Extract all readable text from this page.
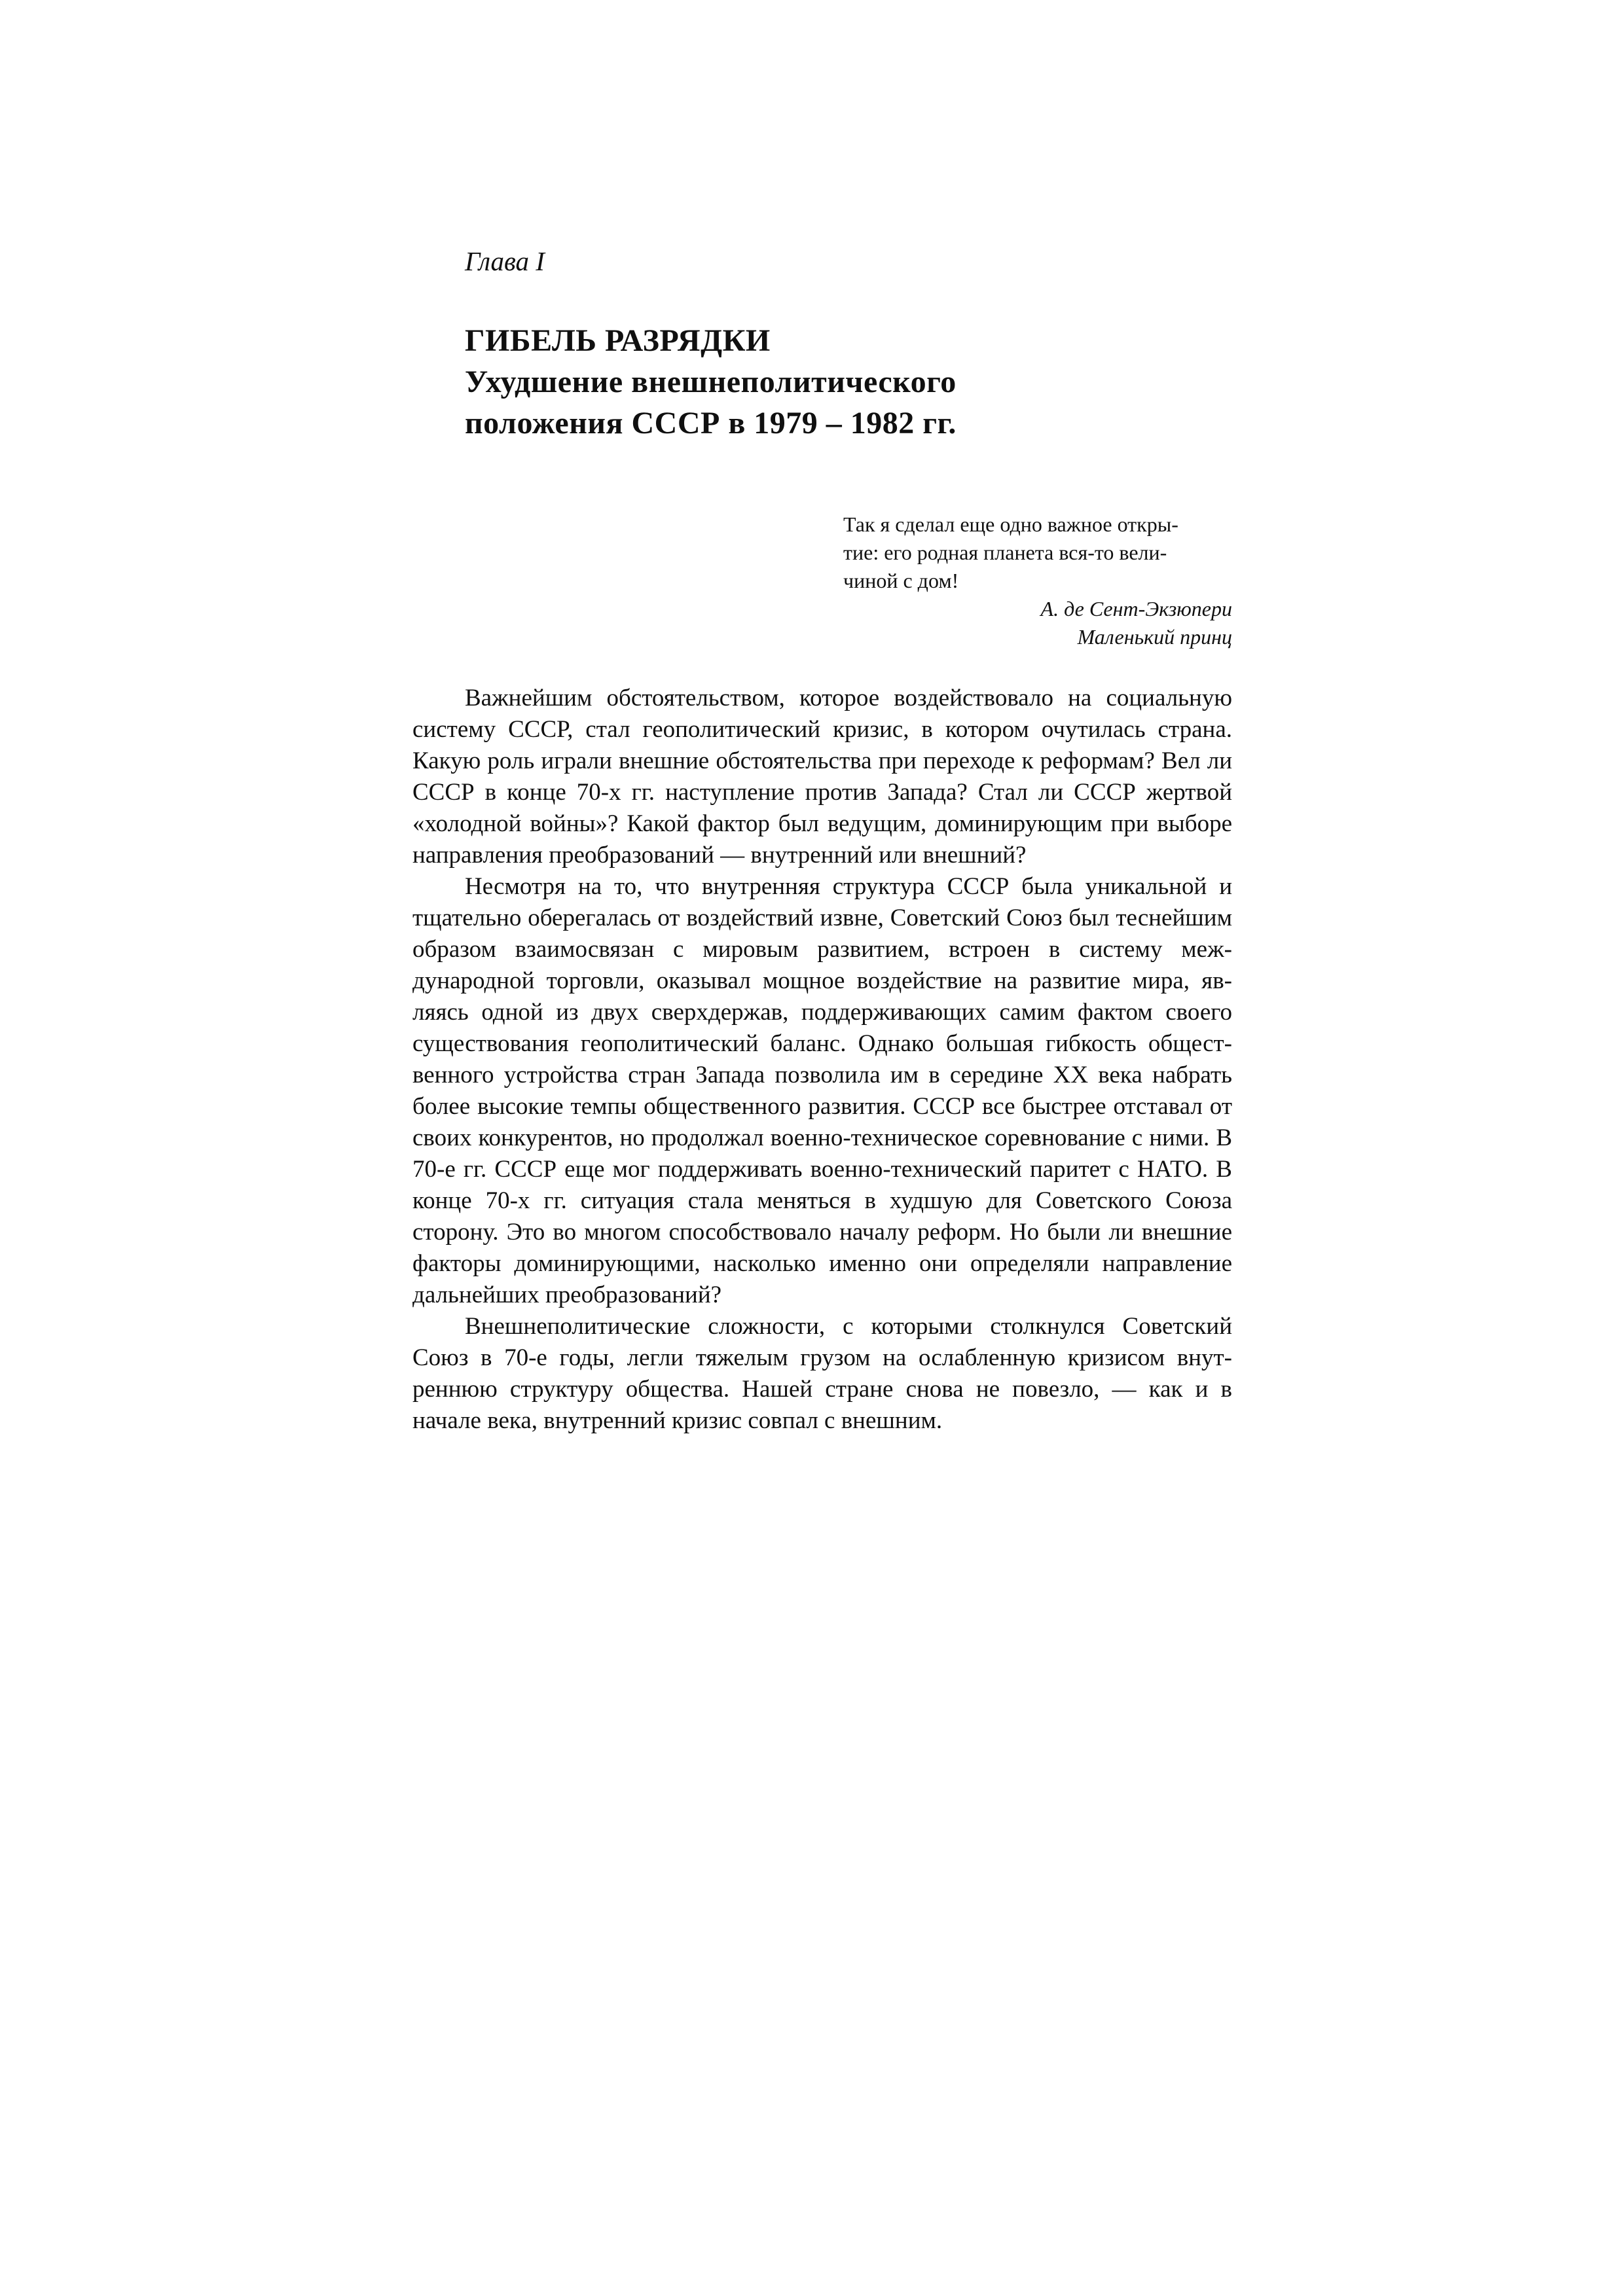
Глава I
ГИБЕЛЬ РАЗРЯДКИ
Ухудшение внешнеполитического
положения СССР в 1979 – 1982 гг.
Так я сделал еще одно важное откры-
тие: его родная планета вся-то вели-
чиной с дом!
А. де Сент-Экзюпери
Маленький принц

Важнейшим обстоятельством, которое воздействовало на социальную систему СССР, стал геополитический кризис, в котором очутилась страна. Какую роль играли внешние обстоятельства при переходе к реформам? Вел ли СССР в конце 70-х гг. наступление против Запада? Стал ли СССР жертвой «холодной войны»? Какой фактор был ведущим, доминирующим при выборе направления преобразований — внутренний или внешний?

Несмотря на то, что внутренняя структура СССР была уникальной и тщательно оберегалась от воздействий извне, Советский Союз был теснейшим образом взаимосвязан с мировым развитием, встроен в систему международной торговли, оказывал мощное воздействие на развитие мира, являясь одной из двух сверхдержав, поддерживающих самим фактом своего существования геополитический баланс. Однако большая гибкость общественного устройства стран Запада позволила им в середине XX века набрать более высокие темпы общественного развития. СССР все быстрее отставал от своих конкурентов, но продолжал военно-техническое соревнование с ними. В 70-е гг. СССР еще мог поддерживать военно-технический паритет с НАТО. В конце 70-х гг. ситуация стала меняться в худшую для Советского Союза сторону. Это во многом способствовало началу реформ. Но были ли внешние факторы доминирующими, насколько именно они определяли направление дальнейших преобразований?

Внешнеполитические сложности, с которыми столкнулся Советский Союз в 70-е годы, легли тяжелым грузом на ослабленную кризисом внутреннюю структуру общества. Нашей стране снова не повезло, — как и в начале века, внутренний кризис совпал с внешним.
